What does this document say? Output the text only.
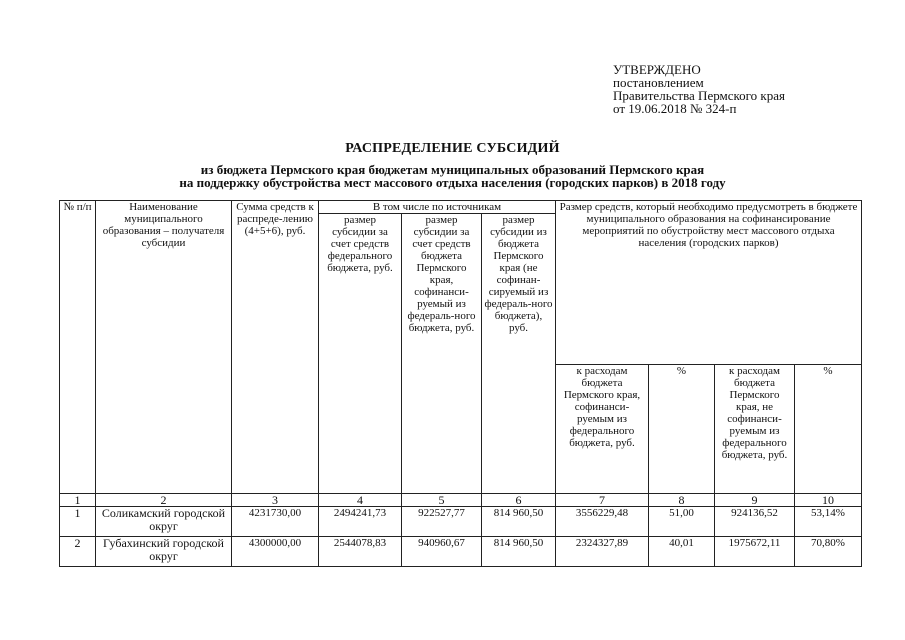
УТВЕРЖДЕНО
постановлением
Правительства Пермского края
от 19.06.2018 № 324-п
РАСПРЕДЕЛЕНИЕ СУБСИДИЙ
из бюджета Пермского края бюджетам муниципальных образований Пермского края
на поддержку обустройства мест массового отдыха населения (городских парков) в 2018 году
№ п/п	Наименование муниципального образования – получателя субсидии	Сумма средств к распреде-лению (4+5+6), руб.	В том числе по источникам			Размер средств, который необходимо предусмотреть в бюджете муниципального образования на софинансирование мероприятий по обустройству мест массового отдыха населения (городских парков)			
			размер субсидии за счет средств федерального бюджета, руб.	размер субсидии за счет средств бюджета Пермского края, софинанси-руемый из федераль-ного бюджета, руб.	размер субсидии из бюджета Пермского края (не софинан-сируемый из федераль-ного бюджета), руб.				
						к расходам бюджета Пермского края, софинанси-руемым из федерального бюджета, руб.	%	к расходам бюджета Пермского края, не софинанси-руемым из федерального бюджета, руб.	%
1	2	3	4	5	6	7	8	9	10
1	Соликамский городской округ	4231730,00	2494241,73	922527,77	814 960,50	3556229,48	51,00	924136,52	53,14%
2	Губахинский городской округ	4300000,00	2544078,83	940960,67	814 960,50	2324327,89	40,01	1975672,11	70,80%
